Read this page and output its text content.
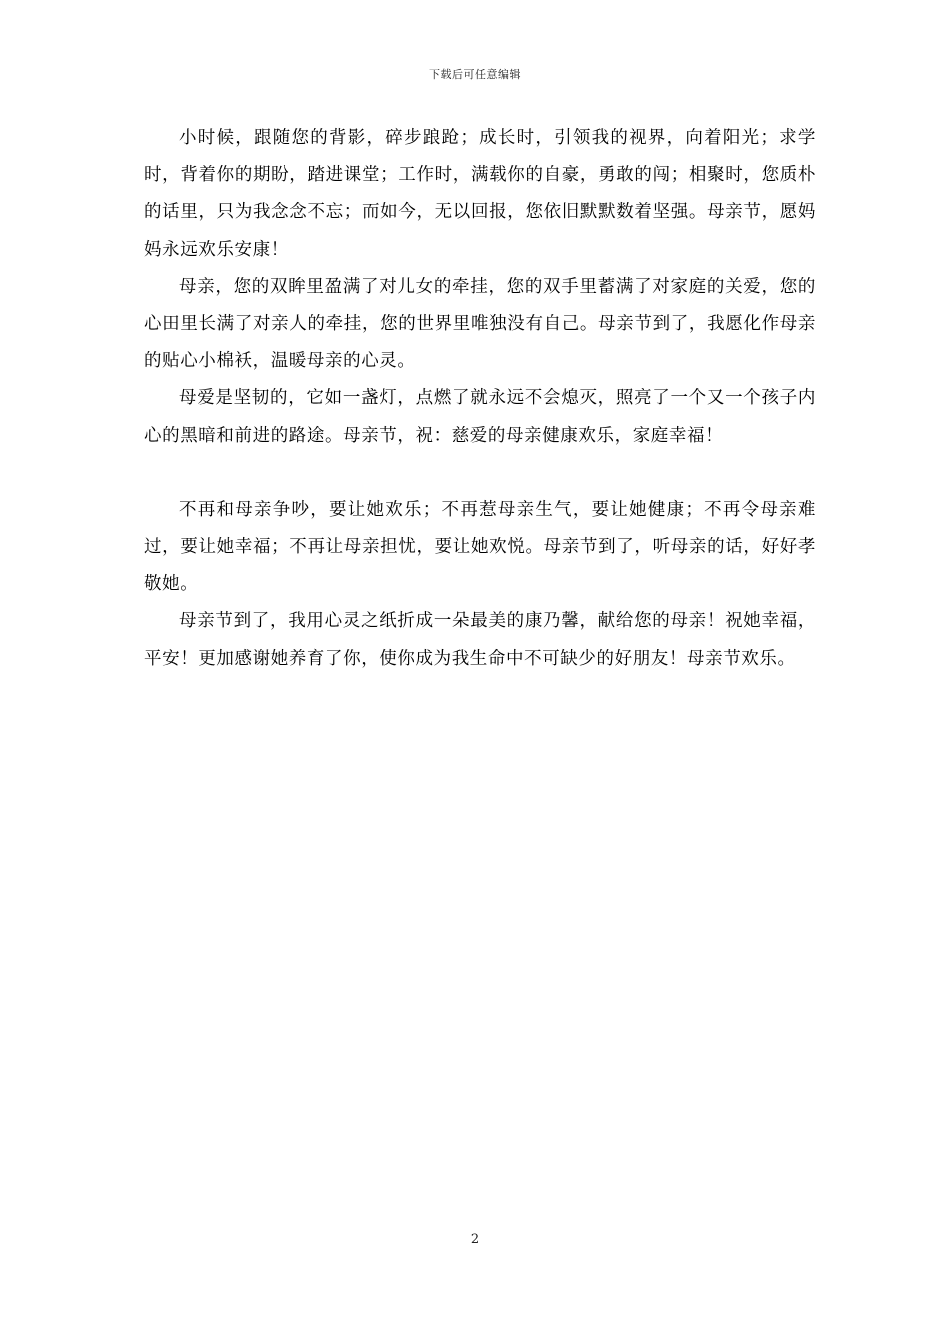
下载后可任意编辑

小时候，跟随您的背影，碎步踉跄；成长时，引领我的视界，向着阳光；求学时，背着你的期盼，踏进课堂；工作时，满载你的自豪，勇敢的闯；相聚时，您质朴的话里，只为我念念不忘；而如今，无以回报，您依旧默默数着坚强。母亲节，愿妈妈永远欢乐安康！

母亲，您的双眸里盈满了对儿女的牵挂，您的双手里蓄满了对家庭的关爱，您的心田里长满了对亲人的牵挂，您的世界里唯独没有自己。母亲节到了，我愿化作母亲的贴心小棉袄，温暖母亲的心灵。

母爱是坚韧的，它如一盏灯，点燃了就永远不会熄灭，照亮了一个又一个孩子内心的黑暗和前进的路途。母亲节，祝：慈爱的母亲健康欢乐，家庭幸福！

不再和母亲争吵，要让她欢乐；不再惹母亲生气，要让她健康；不再令母亲难过，要让她幸福；不再让母亲担忧，要让她欢悦。母亲节到了，听母亲的话，好好孝敬她。

母亲节到了，我用心灵之纸折成一朵最美的康乃馨，献给您的母亲！祝她幸福，平安！更加感谢她养育了你，使你成为我生命中不可缺少的好朋友！母亲节欢乐。

2
